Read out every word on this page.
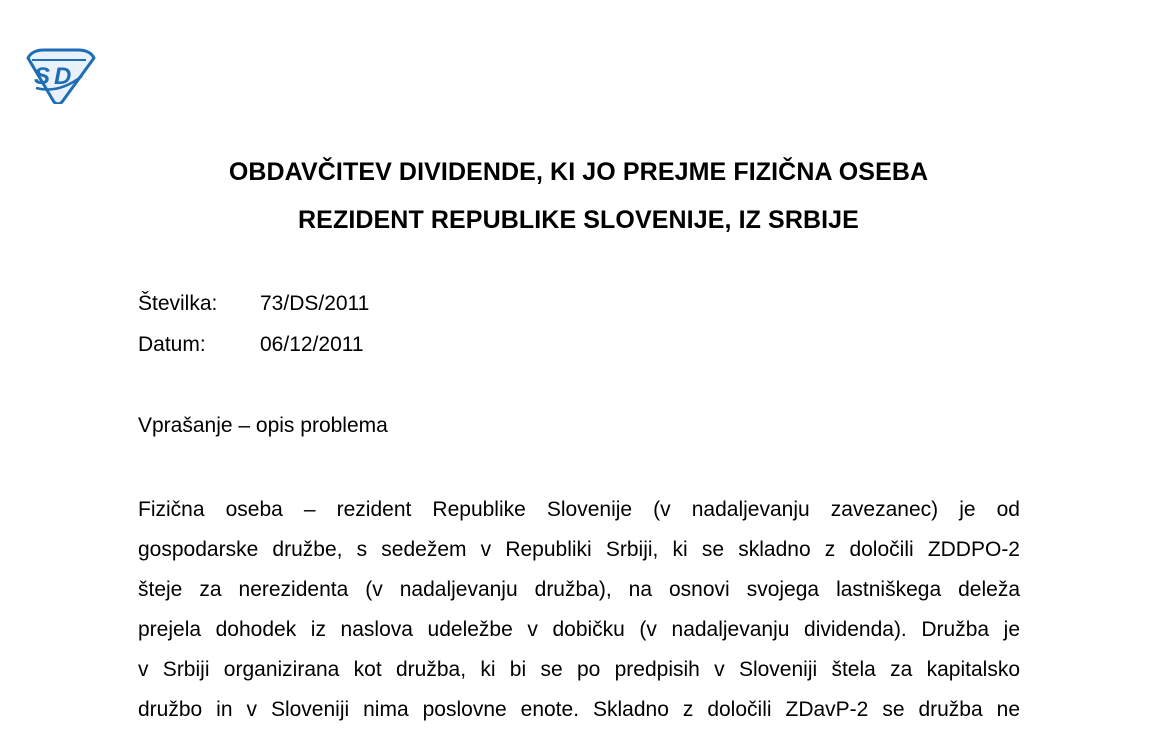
S D
OBDAVČITEV DIVIDENDE, KI JO PREJME FIZIČNA OSEBA
REZIDENT REPUBLIKE SLOVENIJE, IZ SRBIJE
Številka: 73/DS/2011
Datum:	06/12/2011
Vprašanje – opis problema
Fizična oseba – rezident Republike Slovenije (v nadaljevanju zavezanec) je od
gospodarske družbe, s sedežem v Republiki Srbiji, ki se skladno z določili ZDDPO-2
šteje za nerezidenta (v nadaljevanju družba), na osnovi svojega lastniškega deleža
prejela dohodek iz naslova udeležbe v dobičku (v nadaljevanju dividenda). Družba je
v Srbiji organizirana kot družba, ki bi se po predpisih v Sloveniji štela za kapitalsko
družbo in v Sloveniji nima poslovne enote. Skladno z določili ZDavP-2 se družba ne
